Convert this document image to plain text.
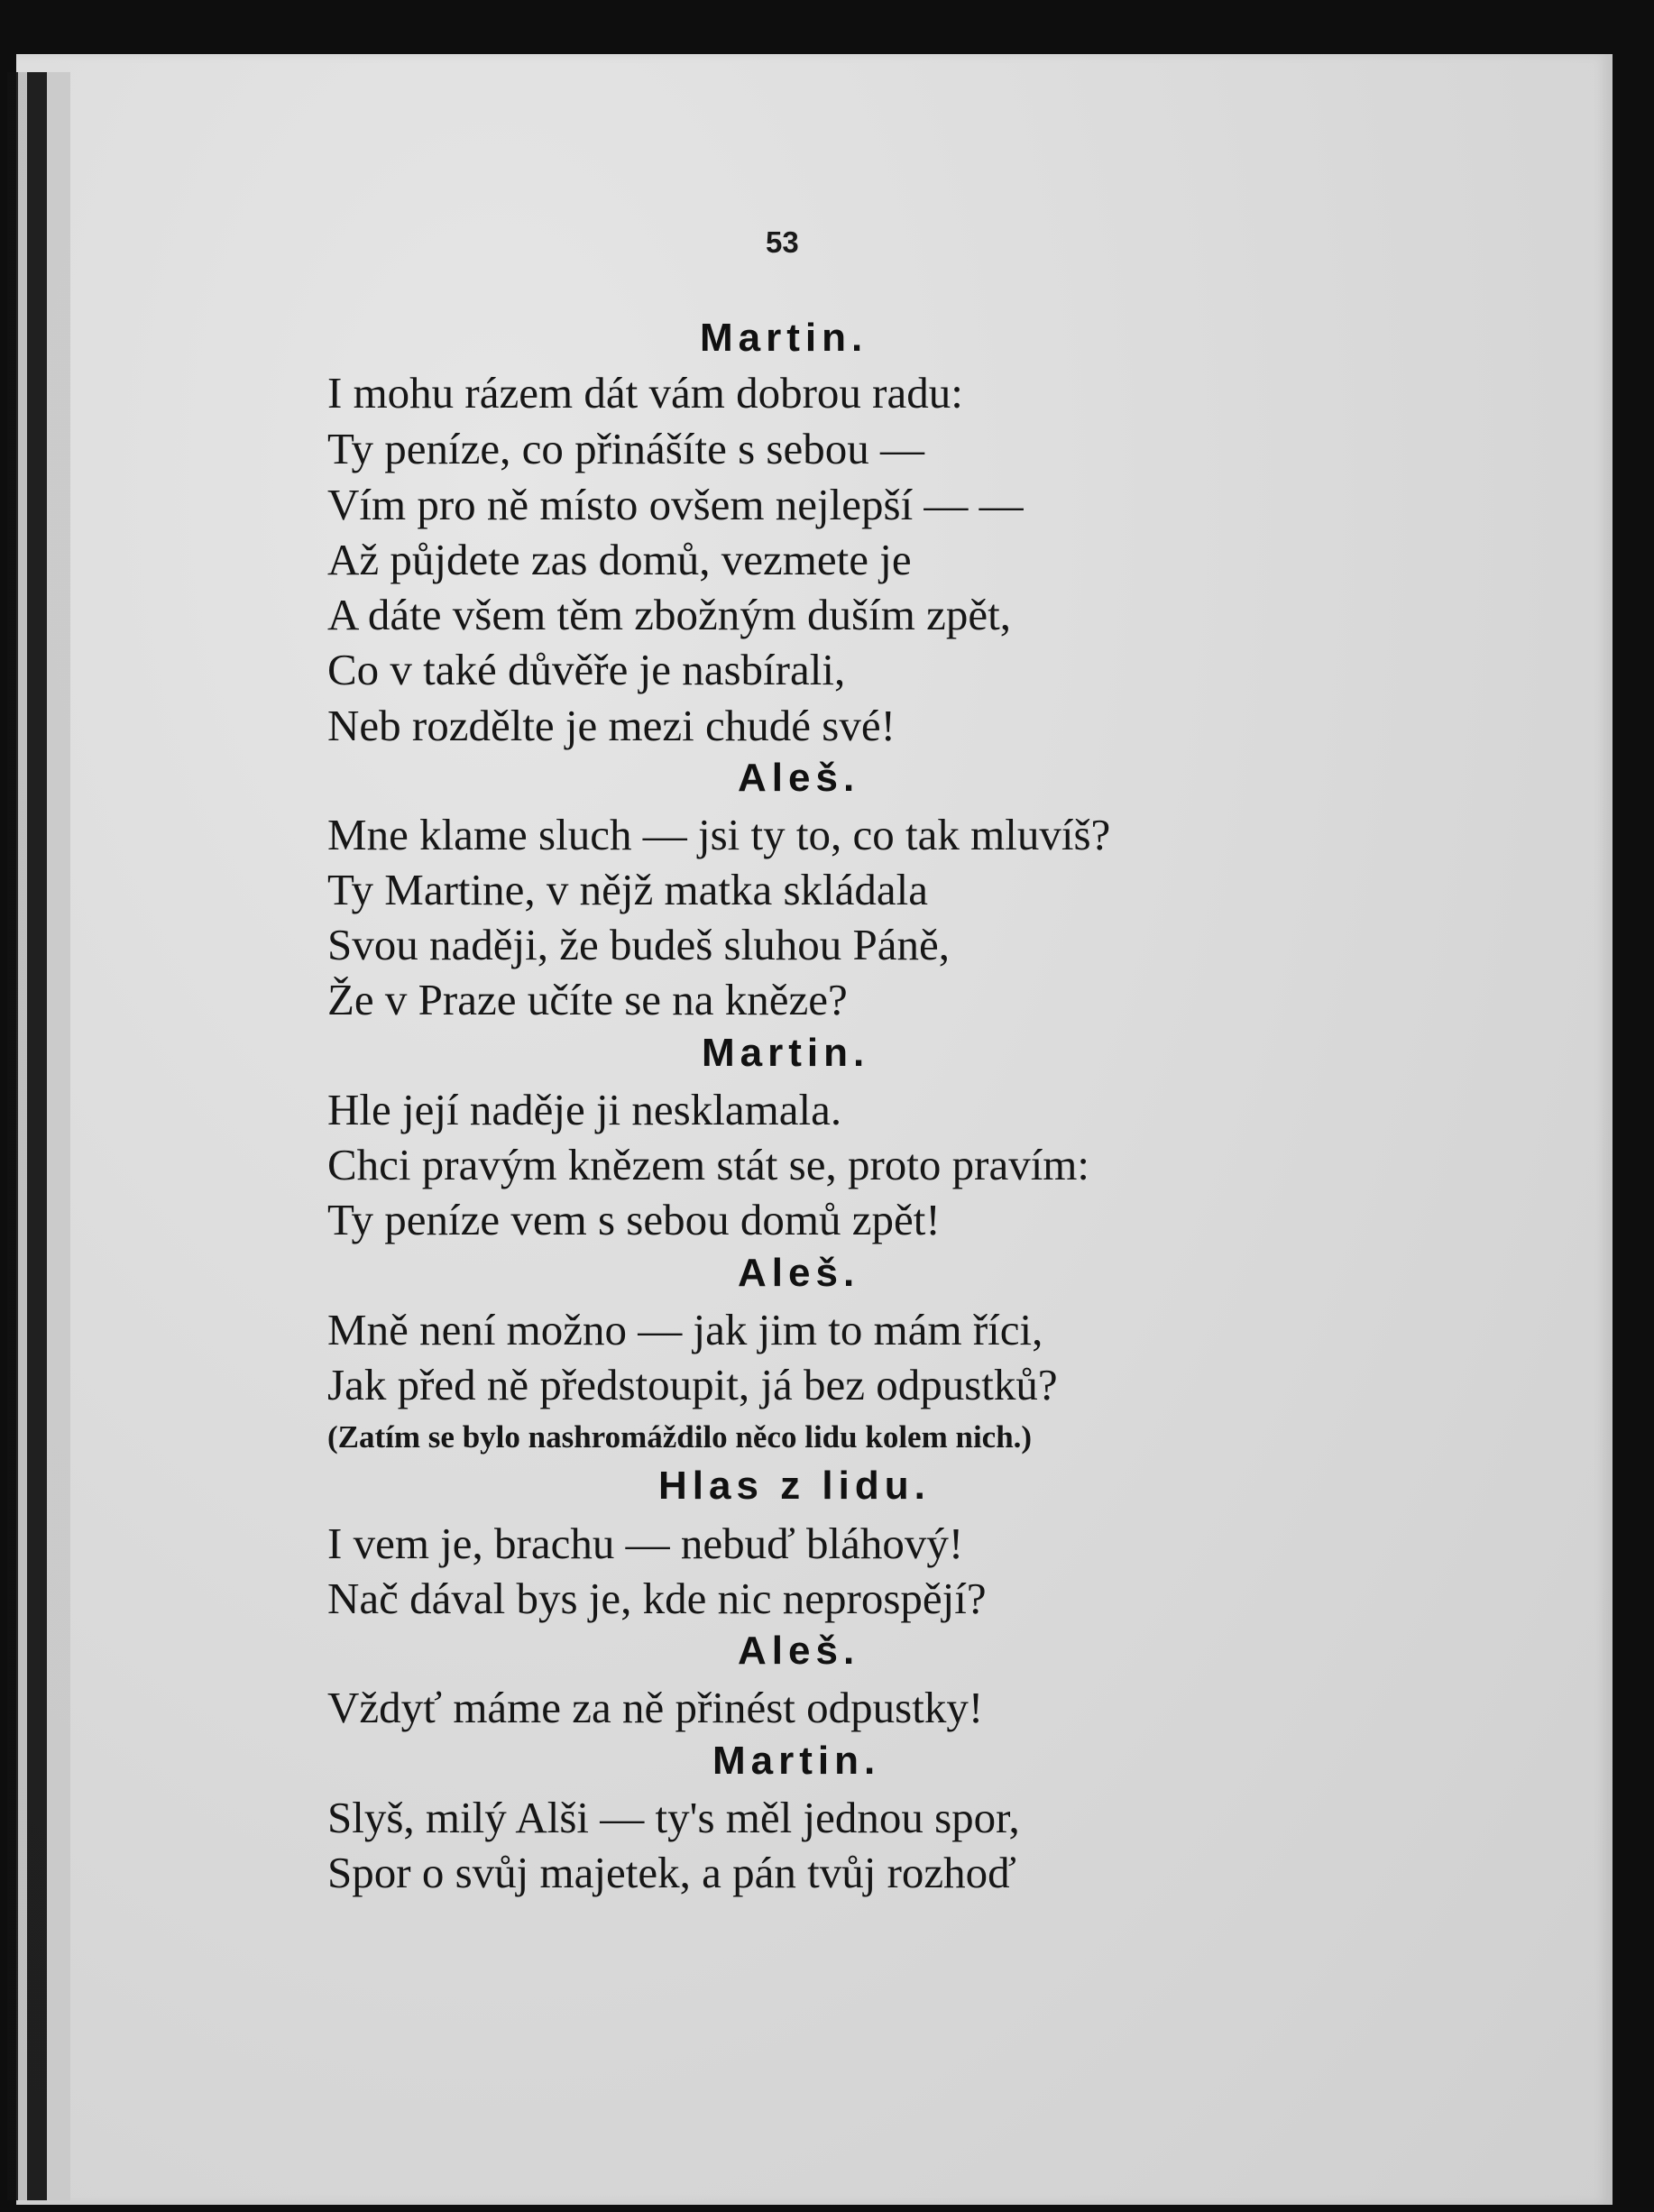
53
Martin.
I mohu rázem dát vám dobrou radu:
Ty peníze, co přinášíte s sebou —
Vím pro ně místo ovšem nejlepší — —
Až půjdete zas domů, vezmete je
A dáte všem těm zbožným duším zpět,
Co v také důvěře je nasbírali,
Neb rozdělte je mezi chudé své!
Aleš.
Mne klame sluch — jsi ty to, co tak mluvíš?
Ty Martine, v nějž matka skládala
Svou naději, že budeš sluhou Páně,
Že v Praze učíte se na kněze?
Martin.
Hle její naděje ji nesklamala.
Chci pravým knězem stát se, proto pravím:
Ty peníze vem s sebou domů zpět!
Aleš.
Mně není možno — jak jim to mám říci,
Jak před ně předstoupit, já bez odpustků?
(Zatím se bylo nashromáždilo něco lidu kolem nich.)
Hlas z lidu.
I vem je, brachu — nebuď bláhový!
Nač dával bys je, kde nic neprospějí?
Aleš.
Vždyť máme za ně přinést odpustky!
Martin.
Slyš, milý Alši — ty's měl jednou spor,
Spor o svůj majetek, a pán tvůj rozhoď
